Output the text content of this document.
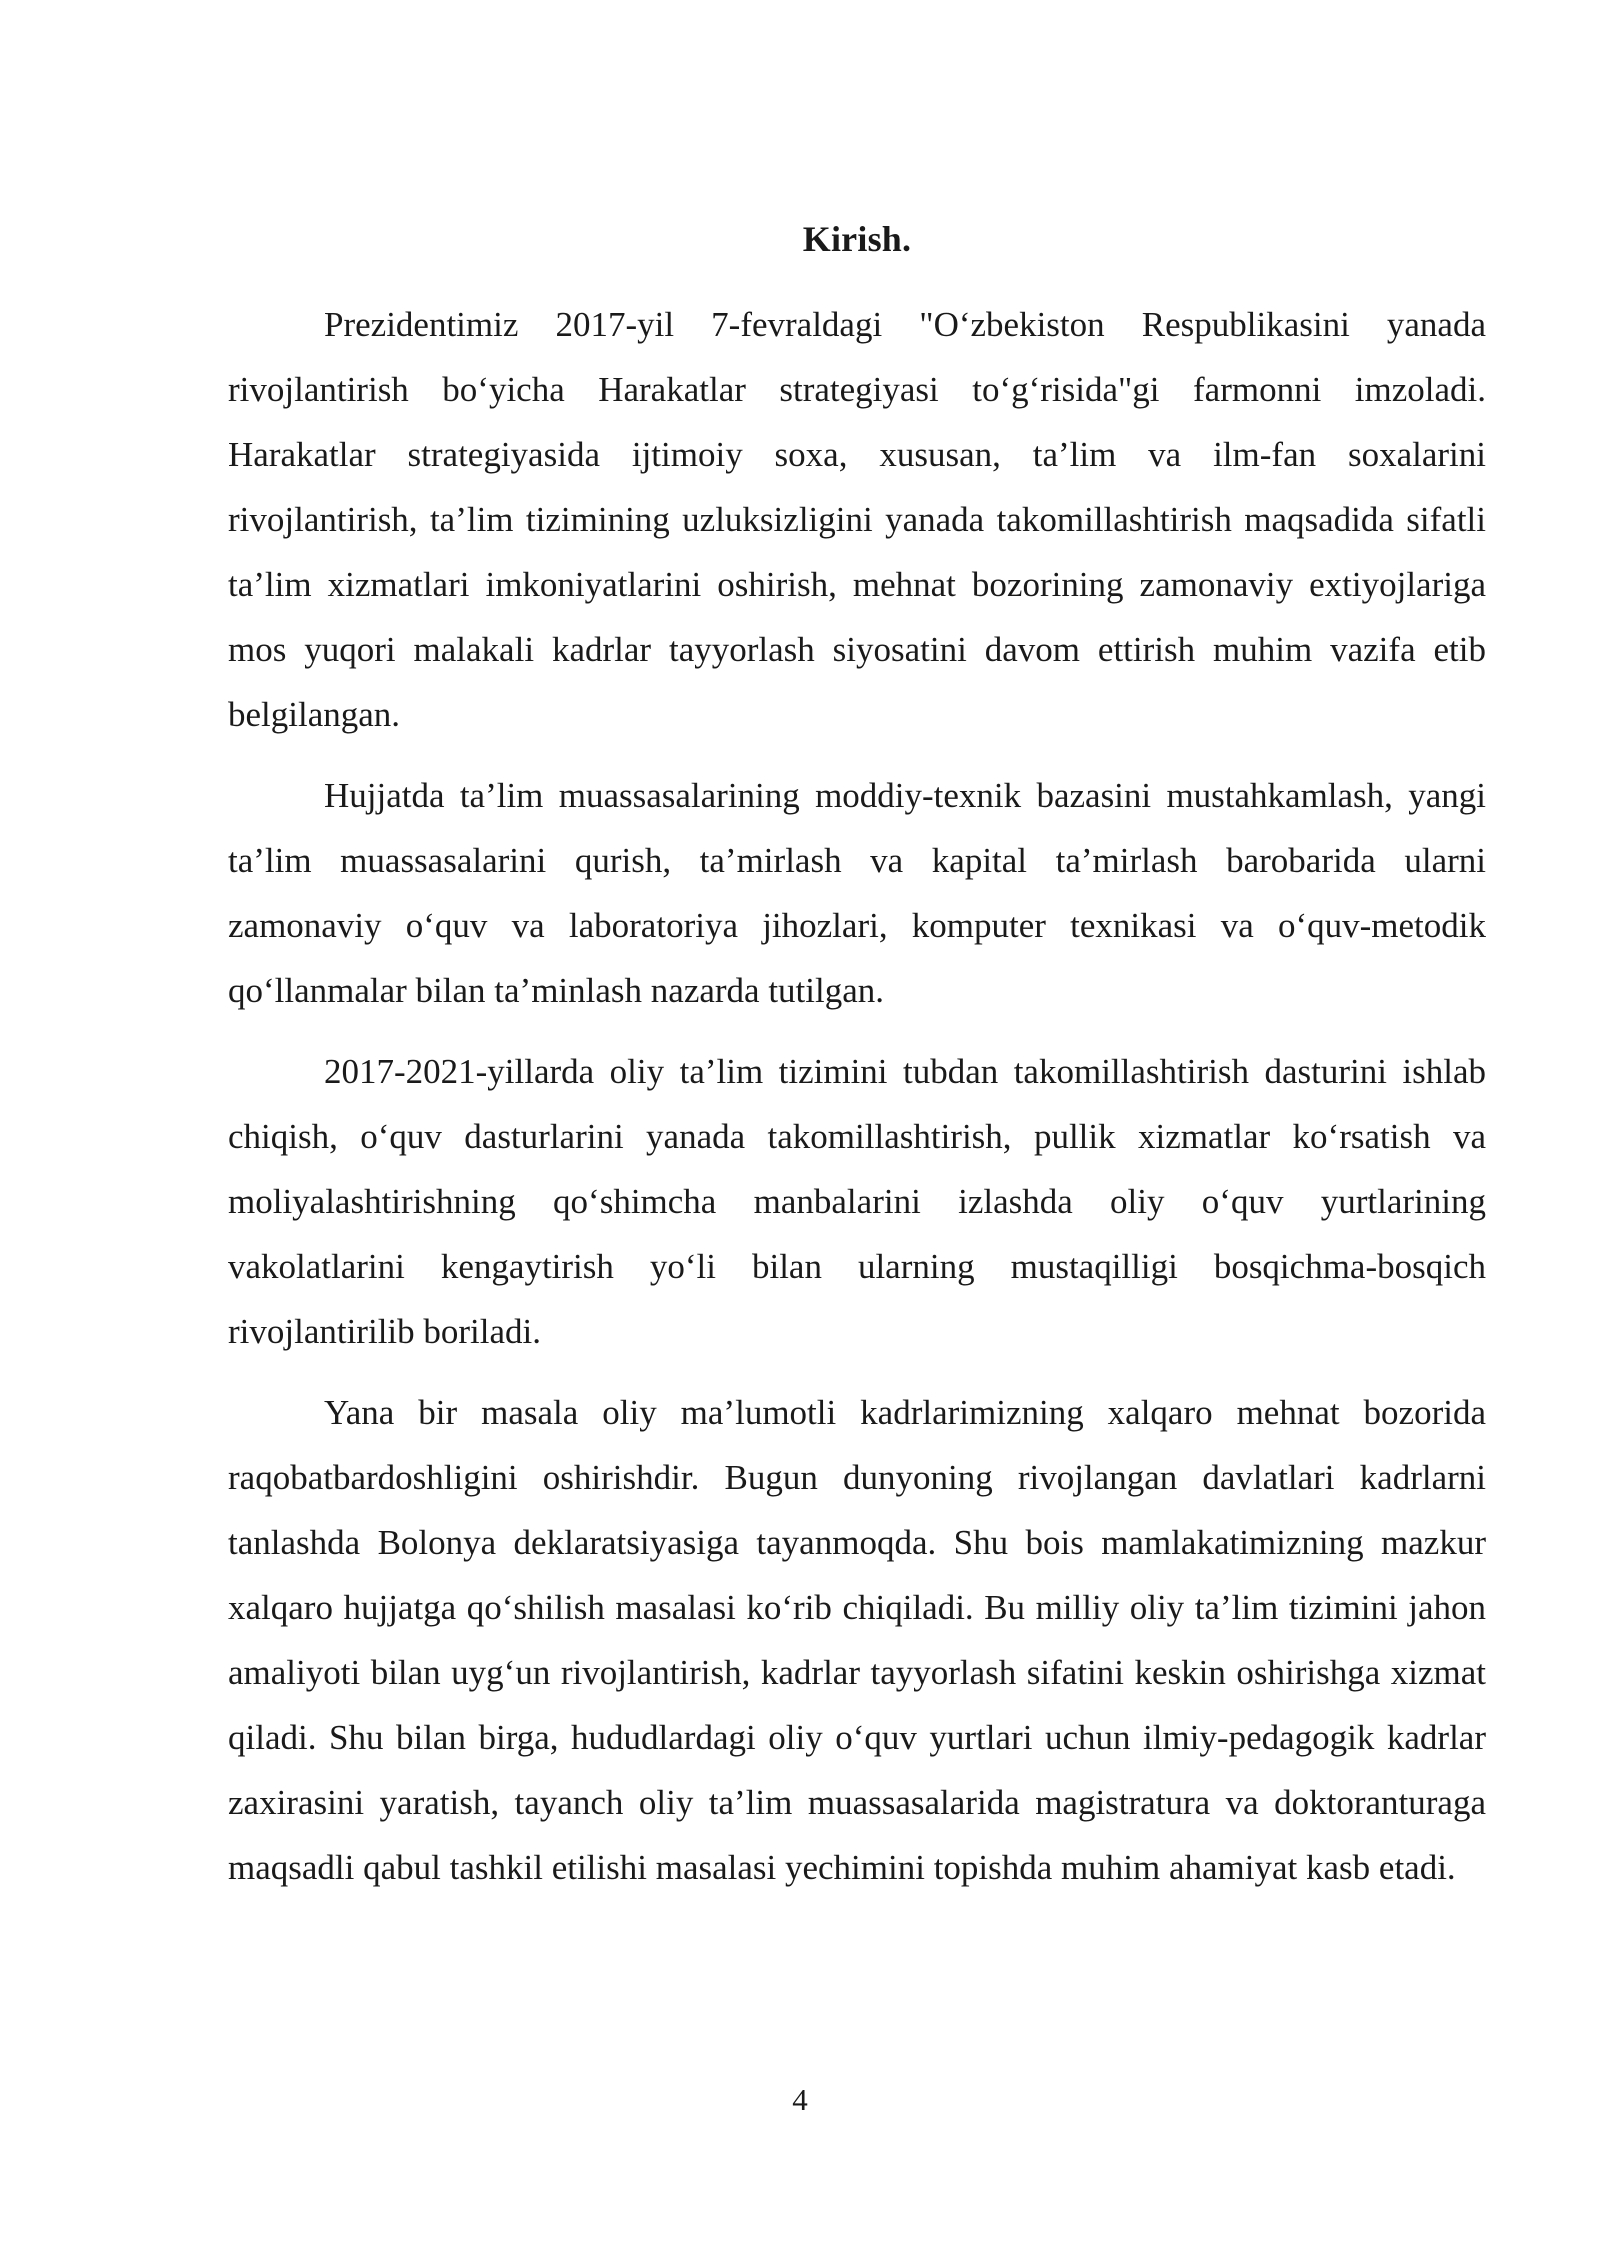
Kirish.

Prezidentimiz 2017-yil 7-fevraldagi "O‘zbekiston Respublikasini yanada rivojlantirish bo‘yicha Harakatlar strategiyasi to‘g‘risida"gi farmonni imzoladi. Harakatlar strategiyasida ijtimoiy soxa, xususan, ta’lim va ilm-fan soxalarini rivojlantirish, ta’lim tizimining uzluksizligini yanada takomillashtirish maqsadida sifatli ta’lim xizmatlari imkoniyatlarini oshirish, mehnat bozorining zamonaviy extiyojlariga mos yuqori malakali kadrlar tayyorlash siyosatini davom ettirish muhim vazifa etib belgilangan.

Hujjatda ta’lim muassasalarining moddiy-texnik bazasini mustahkamlash, yangi ta’lim muassasalarini qurish, ta’mirlash va kapital ta’mirlash barobarida ularni zamonaviy o‘quv va laboratoriya jihozlari, komputer texnikasi va o‘quv-metodik qo‘llanmalar bilan ta’minlash nazarda tutilgan.

2017-2021-yillarda oliy ta’lim tizimini tubdan takomillashtirish dasturini ishlab chiqish, o‘quv dasturlarini yanada takomillashtirish, pullik xizmatlar ko‘rsatish va moliyalashtirishning qo‘shimcha manbalarini izlashda oliy o‘quv yurtlarining vakolatlarini kengaytirish yo‘li bilan ularning mustaqilligi bosqichma-bosqich rivojlantirilib boriladi.

Yana bir masala oliy ma’lumotli kadrlarimizning xalqaro mehnat bozorida raqobatbardoshligini oshirishdir. Bugun dunyoning rivojlangan davlatlari kadrlarni tanlashda Bolonya deklaratsiyasiga tayanmoqda. Shu bois mamlakatimizning mazkur xalqaro hujjatga qo‘shilish masalasi ko‘rib chiqiladi. Bu milliy oliy ta’lim tizimini jahon amaliyoti bilan uyg‘un rivojlantirish, kadrlar tayyorlash sifatini keskin oshirishga xizmat qiladi. Shu bilan birga, hududlardagi oliy o‘quv yurtlari uchun ilmiy-pedagogik kadrlar zaxirasini yaratish, tayanch oliy ta’lim muassasalarida magistratura va doktoranturaga maqsadli qabul tashkil etilishi masalasi yechimini topishda muhim ahamiyat kasb etadi.

4
